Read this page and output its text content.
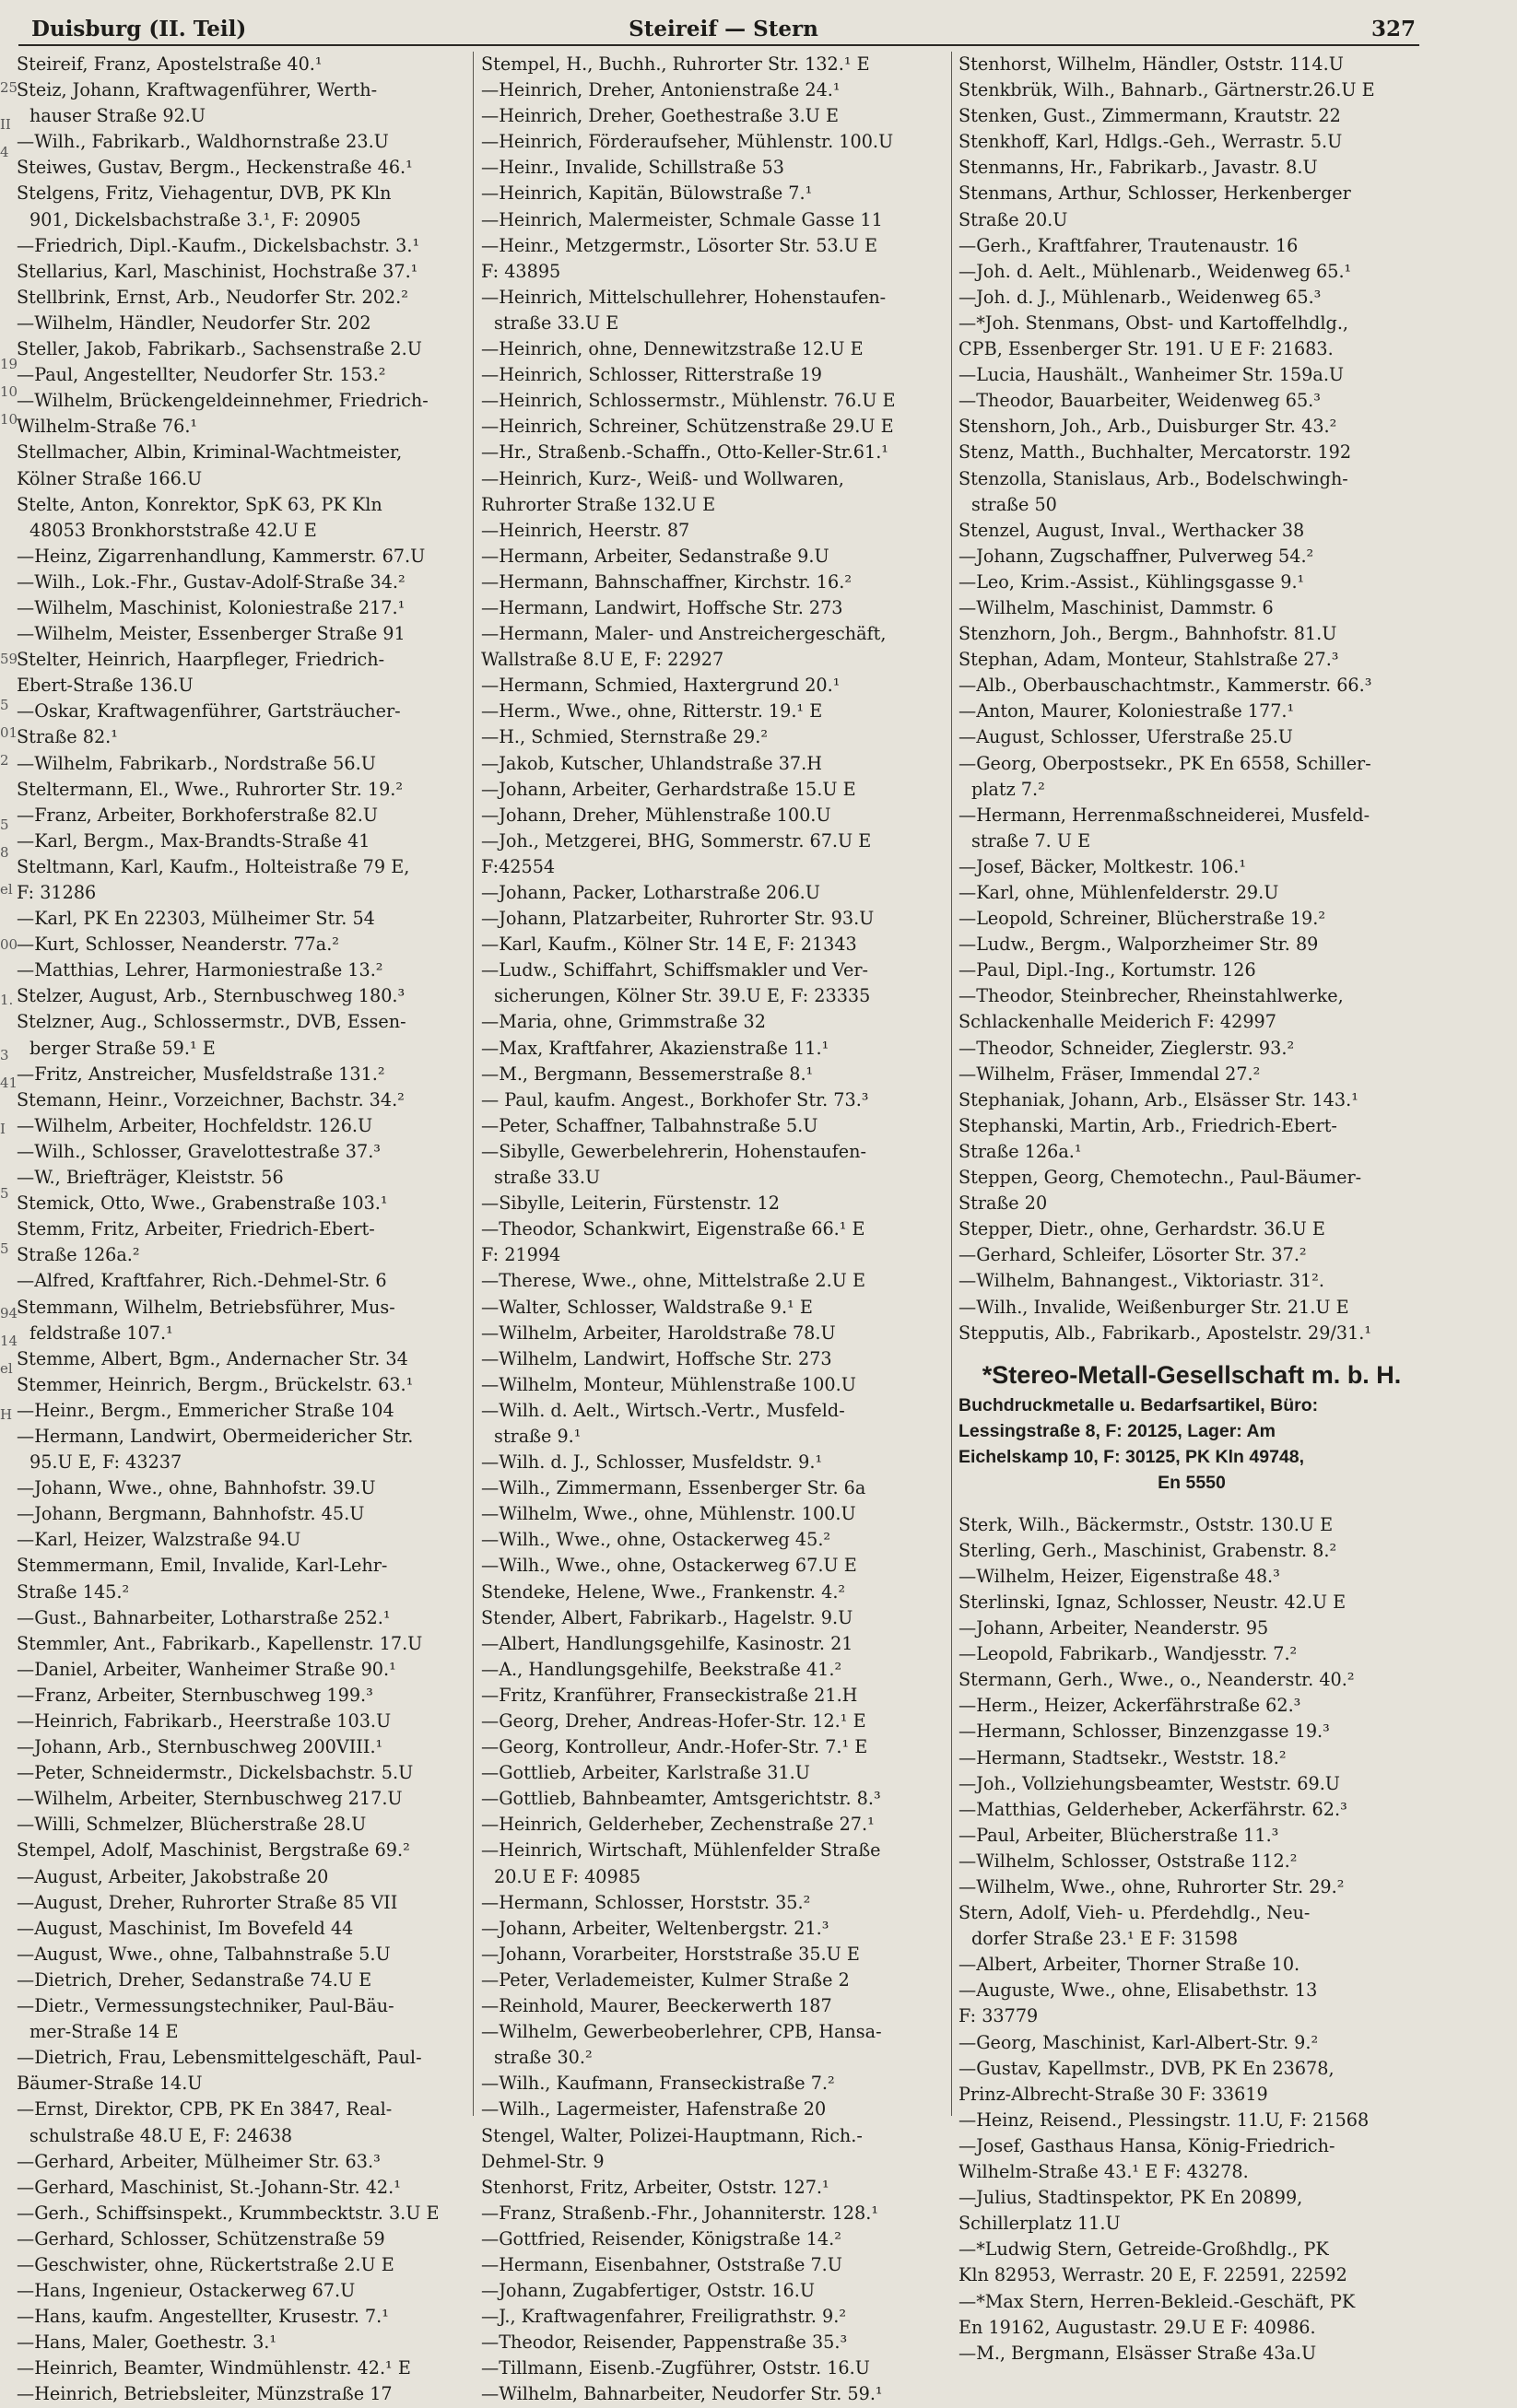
Duisburg (II. Teil)	Steireif — Stern	327
25
II
4
19
10
10
59
5
01
2
5
8
el
00
1.
3
41
I
5
5
94
14
el
H
Steireif, Franz, Apostelstraße 40.¹
Steiz, Johann, Kraftwagenführer, Werth-
hauser Straße 92.U
—Wilh., Fabrikarb., Waldhornstraße 23.U
Steiwes, Gustav, Bergm., Heckenstraße 46.¹
Stelgens, Fritz, Viehagentur, DVB, PK Kln
901, Dickelsbachstraße 3.¹, F: 20905
—Friedrich, Dipl.-Kaufm., Dickelsbachstr. 3.¹
Stellarius, Karl, Maschinist, Hochstraße 37.¹
Stellbrink, Ernst, Arb., Neudorfer Str. 202.²
—Wilhelm, Händler, Neudorfer Str. 202
Steller, Jakob, Fabrikarb., Sachsenstraße 2.U
—Paul, Angestellter, Neudorfer Str. 153.²
—Wilhelm, Brückengeldeinnehmer, Friedrich-
Wilhelm-Straße 76.¹
Stellmacher, Albin, Kriminal-Wachtmeister,
Kölner Straße 166.U
Stelte, Anton, Konrektor, SpK 63, PK Kln
48053 Bronkhorststraße 42.U E
—Heinz, Zigarrenhandlung, Kammerstr. 67.U
—Wilh., Lok.-Fhr., Gustav-Adolf-Straße 34.²
—Wilhelm, Maschinist, Koloniestraße 217.¹
—Wilhelm, Meister, Essenberger Straße 91
Stelter, Heinrich, Haarpfleger, Friedrich-
Ebert-Straße 136.U
—Oskar, Kraftwagenführer, Gartsträucher-
Straße 82.¹
—Wilhelm, Fabrikarb., Nordstraße 56.U
Steltermann, El., Wwe., Ruhrorter Str. 19.²
—Franz, Arbeiter, Borkhoferstraße 82.U
—Karl, Bergm., Max-Brandts-Straße 41
Steltmann, Karl, Kaufm., Holteistraße 79 E,
F: 31286
—Karl, PK En 22303, Mülheimer Str. 54
—Kurt, Schlosser, Neanderstr. 77a.²
—Matthias, Lehrer, Harmoniestraße 13.²
Stelzer, August, Arb., Sternbuschweg 180.³
Stelzner, Aug., Schlossermstr., DVB, Essen-
berger Straße 59.¹ E
—Fritz, Anstreicher, Musfeldstraße 131.²
Stemann, Heinr., Vorzeichner, Bachstr. 34.²
—Wilhelm, Arbeiter, Hochfeldstr. 126.U
—Wilh., Schlosser, Gravelottestraße 37.³
—W., Briefträger, Kleiststr. 56
Stemick, Otto, Wwe., Grabenstraße 103.¹
Stemm, Fritz, Arbeiter, Friedrich-Ebert-
Straße 126a.²
—Alfred, Kraftfahrer, Rich.-Dehmel-Str. 6
Stemmann, Wilhelm, Betriebsführer, Mus-
feldstraße 107.¹
Stemme, Albert, Bgm., Andernacher Str. 34
Stemmer, Heinrich, Bergm., Brückelstr. 63.¹
—Heinr., Bergm., Emmericher Straße 104
—Hermann, Landwirt, Obermeidericher Str.
95.U E, F: 43237
—Johann, Wwe., ohne, Bahnhofstr. 39.U
—Johann, Bergmann, Bahnhofstr. 45.U
—Karl, Heizer, Walzstraße 94.U
Stemmermann, Emil, Invalide, Karl-Lehr-
Straße 145.²
—Gust., Bahnarbeiter, Lotharstraße 252.¹
Stemmler, Ant., Fabrikarb., Kapellenstr. 17.U
—Daniel, Arbeiter, Wanheimer Straße 90.¹
—Franz, Arbeiter, Sternbuschweg 199.³
—Heinrich, Fabrikarb., Heerstraße 103.U
—Johann, Arb., Sternbuschweg 200VIII.¹
—Peter, Schneidermstr., Dickelsbachstr. 5.U
—Wilhelm, Arbeiter, Sternbuschweg 217.U
—Willi, Schmelzer, Blücherstraße 28.U
Stempel, Adolf, Maschinist, Bergstraße 69.²
—August, Arbeiter, Jakobstraße 20
—August, Dreher, Ruhrorter Straße 85 VII
—August, Maschinist, Im Bovefeld 44
—August, Wwe., ohne, Talbahnstraße 5.U
—Dietrich, Dreher, Sedanstraße 74.U E
—Dietr., Vermessungstechniker, Paul-Bäu-
mer-Straße 14 E
—Dietrich, Frau, Lebensmittelgeschäft, Paul-
Bäumer-Straße 14.U
—Ernst, Direktor, CPB, PK En 3847, Real-
schulstraße 48.U E, F: 24638
—Gerhard, Arbeiter, Mülheimer Str. 63.³
—Gerhard, Maschinist, St.-Johann-Str. 42.¹
—Gerh., Schiffsinspekt., Krummbecktstr. 3.U E
—Gerhard, Schlosser, Schützenstraße 59
—Geschwister, ohne, Rückertstraße 2.U E
—Hans, Ingenieur, Ostackerweg 67.U
—Hans, kaufm. Angestellter, Krusestr. 7.¹
—Hans, Maler, Goethestr. 3.¹
—Heinrich, Beamter, Windmühlenstr. 42.¹ E
—Heinrich, Betriebsleiter, Münzstraße 17
Stempel, H., Buchh., Ruhrorter Str. 132.¹ E
—Heinrich, Dreher, Antonienstraße 24.¹
—Heinrich, Dreher, Goethestraße 3.U E
—Heinrich, Förderaufseher, Mühlenstr. 100.U
—Heinr., Invalide, Schillstraße 53
—Heinrich, Kapitän, Bülowstraße 7.¹
—Heinrich, Malermeister, Schmale Gasse 11
—Heinr., Metzgermstr., Lösorter Str. 53.U E
F: 43895
—Heinrich, Mittelschullehrer, Hohenstaufen-
straße 33.U E
—Heinrich, ohne, Dennewitzstraße 12.U E
—Heinrich, Schlosser, Ritterstraße 19
—Heinrich, Schlossermstr., Mühlenstr. 76.U E
—Heinrich, Schreiner, Schützenstraße 29.U E
—Hr., Straßenb.-Schaffn., Otto-Keller-Str.61.¹
—Heinrich, Kurz-, Weiß- und Wollwaren,
Ruhrorter Straße 132.U E
—Heinrich, Heerstr. 87
—Hermann, Arbeiter, Sedanstraße 9.U
—Hermann, Bahnschaffner, Kirchstr. 16.²
—Hermann, Landwirt, Hoffsche Str. 273
—Hermann, Maler- und Anstreichergeschäft,
Wallstraße 8.U E, F: 22927
—Hermann, Schmied, Haxtergrund 20.¹
—Herm., Wwe., ohne, Ritterstr. 19.¹ E
—H., Schmied, Sternstraße 29.²
—Jakob, Kutscher, Uhlandstraße 37.H
—Johann, Arbeiter, Gerhardstraße 15.U E
—Johann, Dreher, Mühlenstraße 100.U
—Joh., Metzgerei, BHG, Sommerstr. 67.U E
F:42554
—Johann, Packer, Lotharstraße 206.U
—Johann, Platzarbeiter, Ruhrorter Str. 93.U
—Karl, Kaufm., Kölner Str. 14 E, F: 21343
—Ludw., Schiffahrt, Schiffsmakler und Ver-
sicherungen, Kölner Str. 39.U E, F: 23335
—Maria, ohne, Grimmstraße 32
—Max, Kraftfahrer, Akazienstraße 11.¹
—M., Bergmann, Bessemerstraße 8.¹
— Paul, kaufm. Angest., Borkhofer Str. 73.³
—Peter, Schaffner, Talbahnstraße 5.U
—Sibylle, Gewerbelehrerin, Hohenstaufen-
straße 33.U
—Sibylle, Leiterin, Fürstenstr. 12
—Theodor, Schankwirt, Eigenstraße 66.¹ E
F: 21994
—Therese, Wwe., ohne, Mittelstraße 2.U E
—Walter, Schlosser, Waldstraße 9.¹ E
—Wilhelm, Arbeiter, Haroldstraße 78.U
—Wilhelm, Landwirt, Hoffsche Str. 273
—Wilhelm, Monteur, Mühlenstraße 100.U
—Wilh. d. Aelt., Wirtsch.-Vertr., Musfeld-
straße 9.¹
—Wilh. d. J., Schlosser, Musfeldstr. 9.¹
—Wilh., Zimmermann, Essenberger Str. 6a
—Wilhelm, Wwe., ohne, Mühlenstr. 100.U
—Wilh., Wwe., ohne, Ostackerweg 45.²
—Wilh., Wwe., ohne, Ostackerweg 67.U E
Stendeke, Helene, Wwe., Frankenstr. 4.²
Stender, Albert, Fabrikarb., Hagelstr. 9.U
—Albert, Handlungsgehilfe, Kasinostr. 21
—A., Handlungsgehilfe, Beekstraße 41.²
—Fritz, Kranführer, Franseckistraße 21.H
—Georg, Dreher, Andreas-Hofer-Str. 12.¹ E
—Georg, Kontrolleur, Andr.-Hofer-Str. 7.¹ E
—Gottlieb, Arbeiter, Karlstraße 31.U
—Gottlieb, Bahnbeamter, Amtsgerichtstr. 8.³
—Heinrich, Gelderheber, Zechenstraße 27.¹
—Heinrich, Wirtschaft, Mühlenfelder Straße
20.U E F: 40985
—Hermann, Schlosser, Horststr. 35.²
—Johann, Arbeiter, Weltenbergstr. 21.³
—Johann, Vorarbeiter, Horststraße 35.U E
—Peter, Verlademeister, Kulmer Straße 2
—Reinhold, Maurer, Beeckerwerth 187
—Wilhelm, Gewerbeoberlehrer, CPB, Hansa-
straße 30.²
—Wilh., Kaufmann, Franseckistraße 7.²
—Wilh., Lagermeister, Hafenstraße 20
Stengel, Walter, Polizei-Hauptmann, Rich.-
Dehmel-Str. 9
Stenhorst, Fritz, Arbeiter, Oststr. 127.¹
—Franz, Straßenb.-Fhr., Johanniterstr. 128.¹
—Gottfried, Reisender, Königstraße 14.²
—Hermann, Eisenbahner, Oststraße 7.U
—Johann, Zugabfertiger, Oststr. 16.U
—J., Kraftwagenfahrer, Freiligrathstr. 9.²
—Theodor, Reisender, Pappenstraße 35.³
—Tillmann, Eisenb.-Zugführer, Oststr. 16.U
—Wilhelm, Bahnarbeiter, Neudorfer Str. 59.¹
Stenhorst, Wilhelm, Händler, Oststr. 114.U
Stenkbrük, Wilh., Bahnarb., Gärtnerstr.26.U E
Stenken, Gust., Zimmermann, Krautstr. 22
Stenkhoff, Karl, Hdlgs.-Geh., Werrastr. 5.U
Stenmanns, Hr., Fabrikarb., Javastr. 8.U
Stenmans, Arthur, Schlosser, Herkenberger
Straße 20.U
—Gerh., Kraftfahrer, Trautenaustr. 16
—Joh. d. Aelt., Mühlenarb., Weidenweg 65.¹
—Joh. d. J., Mühlenarb., Weidenweg 65.³
—*Joh. Stenmans, Obst- und Kartoffelhdlg.,
CPB, Essenberger Str. 191. U E F: 21683.
—Lucia, Haushält., Wanheimer Str. 159a.U
—Theodor, Bauarbeiter, Weidenweg 65.³
Stenshorn, Joh., Arb., Duisburger Str. 43.²
Stenz, Matth., Buchhalter, Mercatorstr. 192
Stenzolla, Stanislaus, Arb., Bodelschwingh-
straße 50
Stenzel, August, Inval., Werthacker 38
—Johann, Zugschaffner, Pulverweg 54.²
—Leo, Krim.-Assist., Kühlingsgasse 9.¹
—Wilhelm, Maschinist, Dammstr. 6
Stenzhorn, Joh., Bergm., Bahnhofstr. 81.U
Stephan, Adam, Monteur, Stahlstraße 27.³
—Alb., Oberbauschachtmstr., Kammerstr. 66.³
—Anton, Maurer, Koloniestraße 177.¹
—August, Schlosser, Uferstraße 25.U
—Georg, Oberpostsekr., PK En 6558, Schiller-
platz 7.²
—Hermann, Herrenmaßschneiderei, Musfeld-
straße 7. U E
—Josef, Bäcker, Moltkestr. 106.¹
—Karl, ohne, Mühlenfelderstr. 29.U
—Leopold, Schreiner, Blücherstraße 19.²
—Ludw., Bergm., Walporzheimer Str. 89
—Paul, Dipl.-Ing., Kortumstr. 126
—Theodor, Steinbrecher, Rheinstahlwerke,
Schlackenhalle Meiderich F: 42997
—Theodor, Schneider, Zieglerstr. 93.²
—Wilhelm, Fräser, Immendal 27.²
Stephaniak, Johann, Arb., Elsässer Str. 143.¹
Stephanski, Martin, Arb., Friedrich-Ebert-
Straße 126a.¹
Steppen, Georg, Chemotechn., Paul-Bäumer-
Straße 20
Stepper, Dietr., ohne, Gerhardstr. 36.U E
—Gerhard, Schleifer, Lösorter Str. 37.²
—Wilhelm, Bahnangest., Viktoriastr. 31².
—Wilh., Invalide, Weißenburger Str. 21.U E
Stepputis, Alb., Fabrikarb., Apostelstr. 29/31.¹
*Stereo-Metall-Gesellschaft m. b. H.
Buchdruckmetalle u. Bedarfsartikel, Büro:
Lessingstraße 8, F: 20125, Lager: Am
Eichelskamp 10, F: 30125, PK Kln 49748,
En 5550
Sterk, Wilh., Bäckermstr., Oststr. 130.U E
Sterling, Gerh., Maschinist, Grabenstr. 8.²
—Wilhelm, Heizer, Eigenstraße 48.³
Sterlinski, Ignaz, Schlosser, Neustr. 42.U E
—Johann, Arbeiter, Neanderstr. 95
—Leopold, Fabrikarb., Wandjesstr. 7.²
Stermann, Gerh., Wwe., o., Neanderstr. 40.²
—Herm., Heizer, Ackerfährstraße 62.³
—Hermann, Schlosser, Binzenzgasse 19.³
—Hermann, Stadtsekr., Weststr. 18.²
—Joh., Vollziehungsbeamter, Weststr. 69.U
—Matthias, Gelderheber, Ackerfährstr. 62.³
—Paul, Arbeiter, Blücherstraße 11.³
—Wilhelm, Schlosser, Oststraße 112.²
—Wilhelm, Wwe., ohne, Ruhrorter Str. 29.²
Stern, Adolf, Vieh- u. Pferdehdlg., Neu-
dorfer Straße 23.¹ E F: 31598
—Albert, Arbeiter, Thorner Straße 10.
—Auguste, Wwe., ohne, Elisabethstr. 13
F: 33779
—Georg, Maschinist, Karl-Albert-Str. 9.²
—Gustav, Kapellmstr., DVB, PK En 23678,
Prinz-Albrecht-Straße 30 F: 33619
—Heinz, Reisend., Plessingstr. 11.U, F: 21568
—Josef, Gasthaus Hansa, König-Friedrich-
Wilhelm-Straße 43.¹ E F: 43278.
—Julius, Stadtinspektor, PK En 20899,
Schillerplatz 11.U
—*Ludwig Stern, Getreide-Großhdlg., PK
Kln 82953, Werrastr. 20 E, F. 22591, 22592
—*Max Stern, Herren-Bekleid.-Geschäft, PK
En 19162, Augustastr. 29.U E F: 40986.
—M., Bergmann, Elsässer Straße 43a.U
